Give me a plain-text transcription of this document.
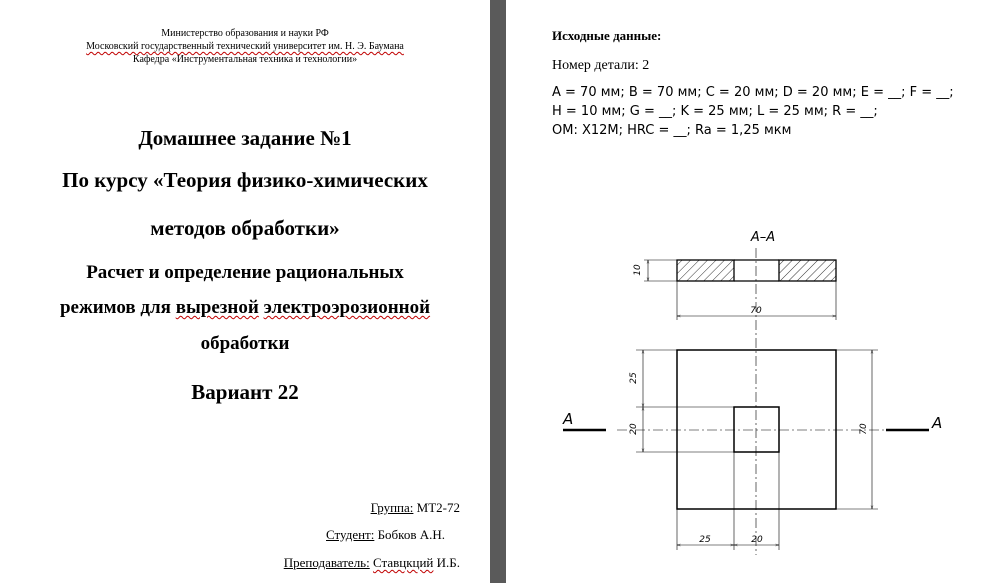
Министерство образования и науки РФ
Московский государственный технический университет им. Н. Э. Баумана
Кафедра «Инструментальная техника и технологии»
Домашнее задание №1
По курсу «Теория физико-химических
методов обработки»
Расчет и определение рациональных
режимов для вырезной электроэрозионной
обработки
Вариант 22
Группа: МТ2-72
Студент: Бобков А.Н.
Преподаватель: Ставцкций И.Б.
Исходные данные:
Номер детали: 2
A = 70 мм; B = 70 мм; C = 20 мм; D = 20 мм; E = __; F = __;
H = 10 мм; G = __; K = 25 мм; L = 25 мм; R = __;
OM: X12M; HRC = __; Ra = 1,25 мкм
A–A
10
70
25
20	70
25	20
A	A
